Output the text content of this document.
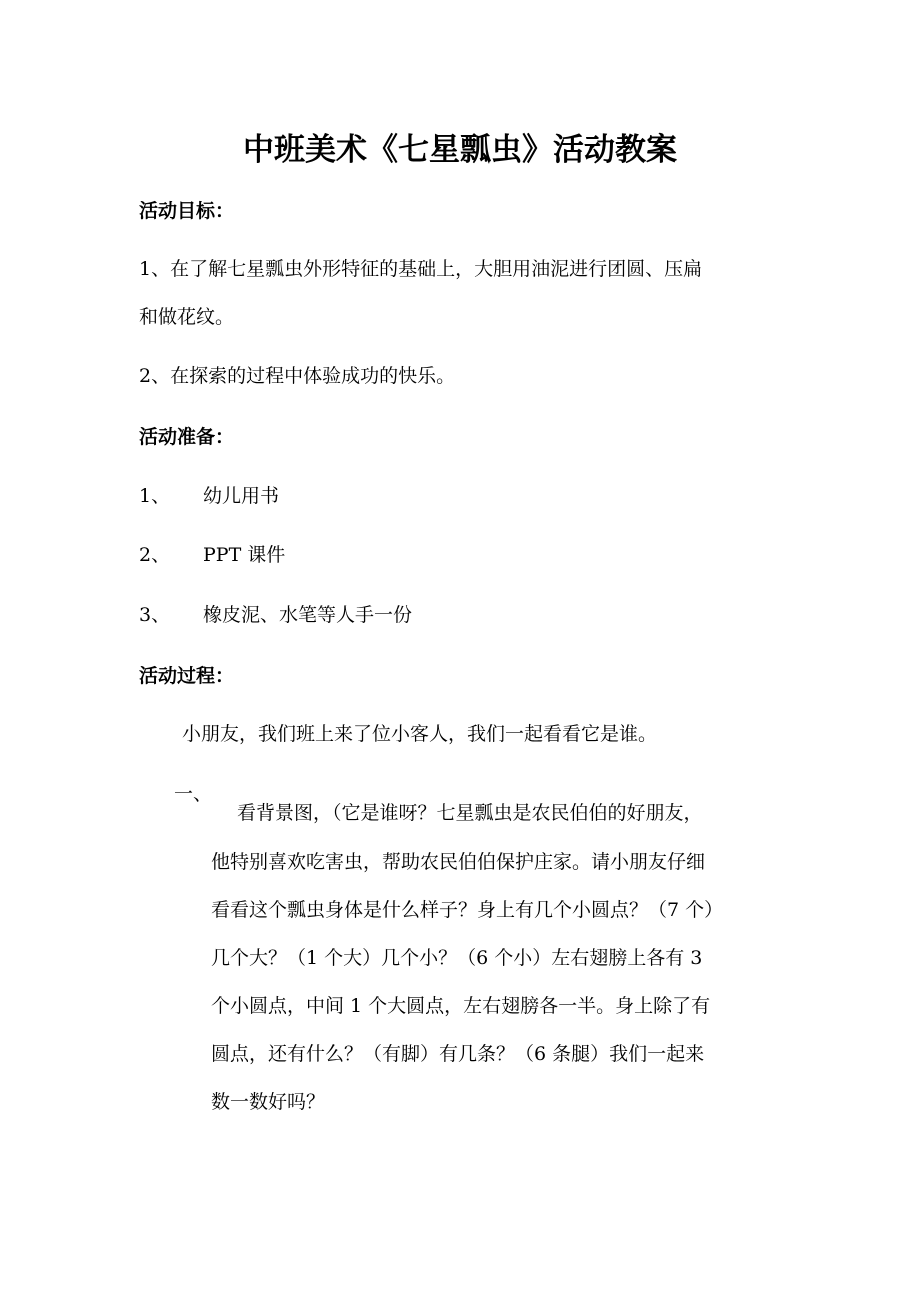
中班美术《七星瓢虫》活动教案

活动目标：

1、在了解七星瓢虫外形特征的基础上，大胆用油泥进行团圆、压扁

和做花纹。

2、在探索的过程中体验成功的快乐。

活动准备：

1、 幼儿用书

2、 PPT 课件

3、 橡皮泥、水笔等人手一份

活动过程：

小朋友，我们班上来了位小客人，我们一起看看它是谁。

一、

看背景图，（它是谁呀？七星瓢虫是农民伯伯的好朋友，

他特别喜欢吃害虫，帮助农民伯伯保护庄家。请小朋友仔细

看看这个瓢虫身体是什么样子？身上有几个小圆点？（7 个）

几个大？（1 个大）几个小？（6 个小）左右翅膀上各有 3

个小圆点，中间 1 个大圆点，左右翅膀各一半。身上除了有

圆点，还有什么？（有脚）有几条？（6 条腿）我们一起来

数一数好吗？
